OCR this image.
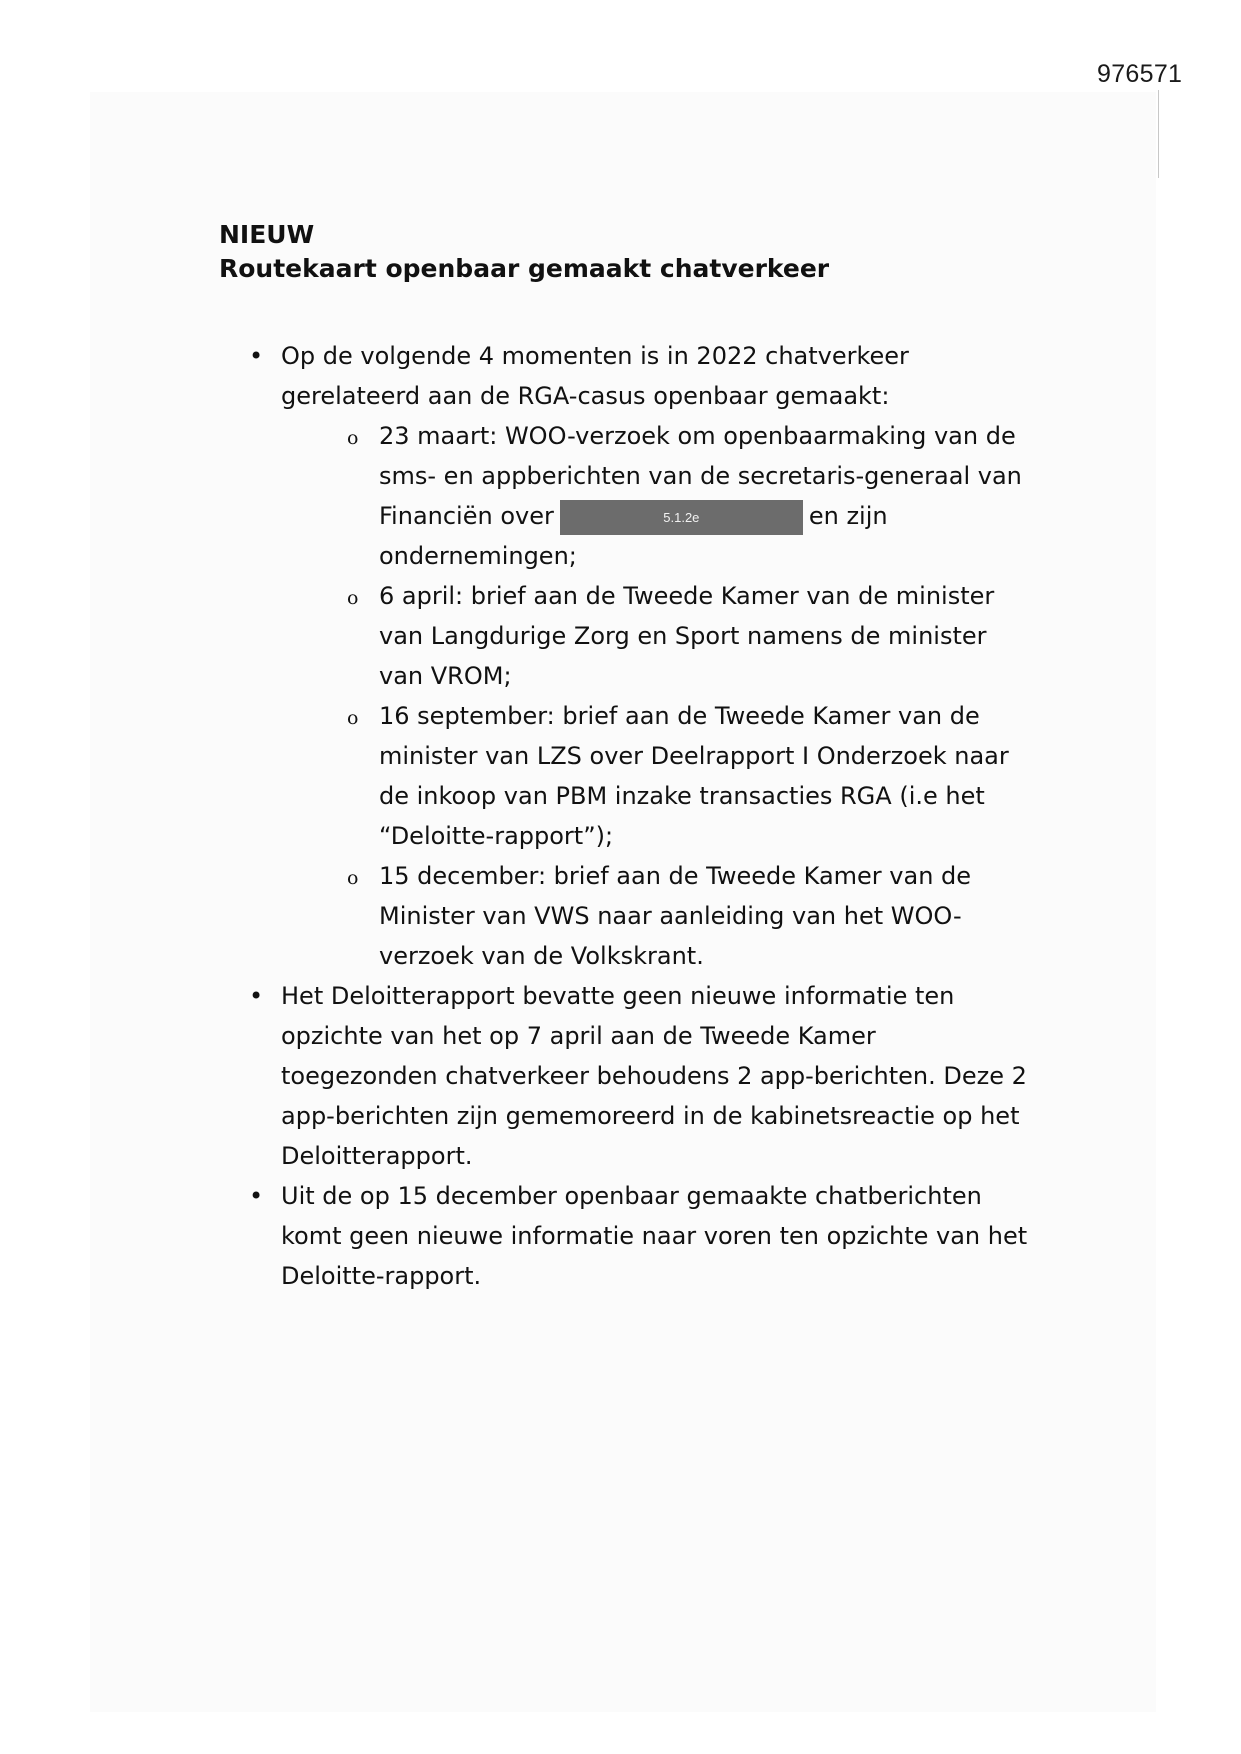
976571

NIEUW

Routekaart openbaar gemaakt chatverkeer

• Op de volgende 4 momenten is in 2022 chatverkeer gerelateerd aan de RGA-casus openbaar gemaakt:
o 23 maart: WOO-verzoek om openbaarmaking van de sms- en appberichten van de secretaris-generaal van Financiën over	5.1.2e	en zijn ondernemingen;
o 6 april: brief aan de Tweede Kamer van de minister van Langdurige Zorg en Sport namens de minister van VROM;
o 16 september: brief aan de Tweede Kamer van de minister van LZS over Deelrapport I Onderzoek naar de inkoop van PBM inzake transacties RGA (i.e het “Deloitte-rapport”);
o 15 december: brief aan de Tweede Kamer van de Minister van VWS naar aanleiding van het WOO-verzoek van de Volkskrant.
• Het Deloitterapport bevatte geen nieuwe informatie ten opzichte van het op 7 april aan de Tweede Kamer toegezonden chatverkeer behoudens 2 app-berichten. Deze 2 app-berichten zijn gememoreerd in de kabinetsreactie op het Deloitterapport.
• Uit de op 15 december openbaar gemaakte chatberichten komt geen nieuwe informatie naar voren ten opzichte van het Deloitte-rapport.
